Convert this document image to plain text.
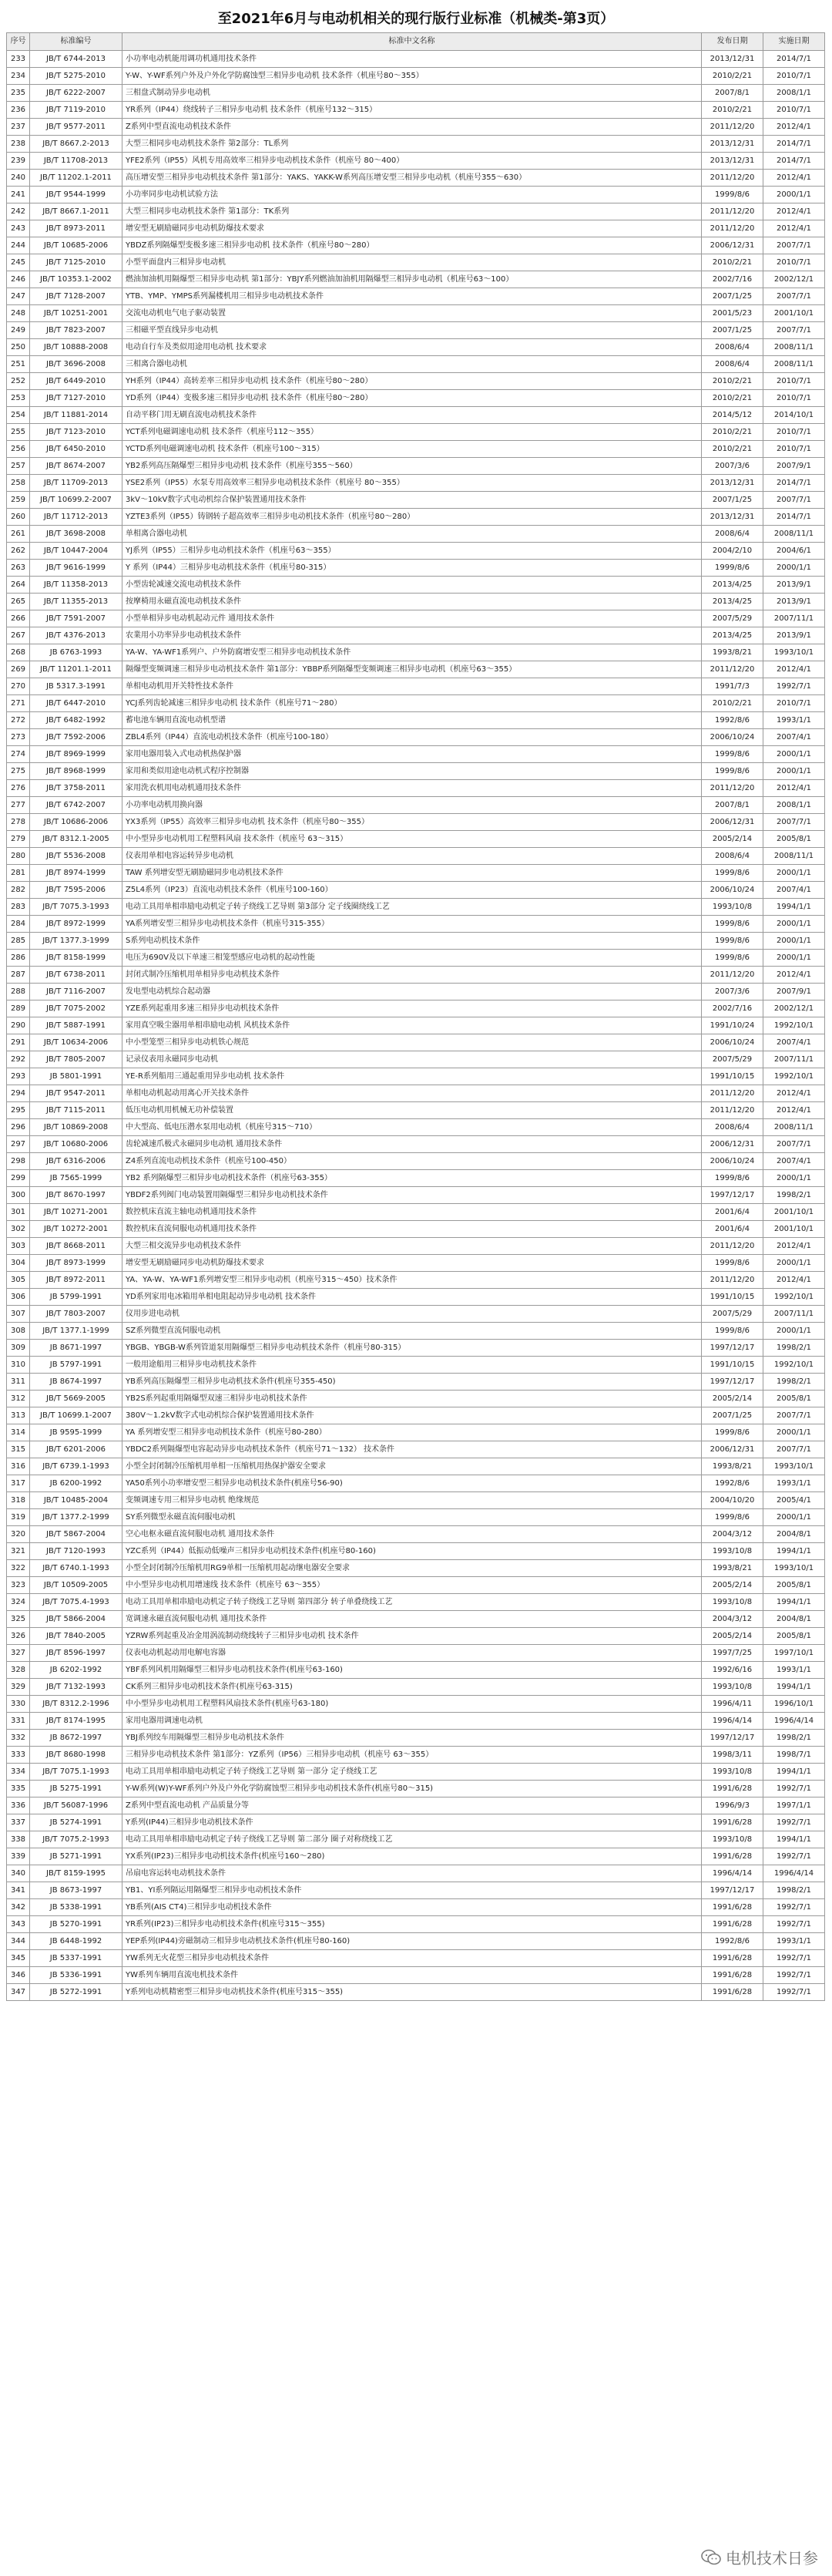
至2021年6月与电动机相关的现行版行业标准（机械类-第3页）
序号	标准编号	标准中文名称	发布日期	实施日期
233	JB/T 6744-2013	小功率电动机能用调功机通用技术条件	2013/12/31	2014/7/1
234	JB/T 5275-2010	Y-W、Y-WF系列户外及户外化学防腐蚀型三相异步电动机 技术条件（机座号80～355）	2010/2/21	2010/7/1
235	JB/T 6222-2007	三相盘式制动异步电动机	2007/8/1	2008/1/1
236	JB/T 7119-2010	YR系列（IP44）绕线转子三相异步电动机 技术条件（机座号132～315）	2010/2/21	2010/7/1
237	JB/T 9577-2011	Z系列中型直流电动机技术条件	2011/12/20	2012/4/1
238	JB/T 8667.2-2013	大型三相同步电动机技术条件 第2部分：TL系列	2013/12/31	2014/7/1
239	JB/T 11708-2013	YFE2系列（IP55）风机专用高效率三相异步电动机技术条件（机座号 80～400）	2013/12/31	2014/7/1
240	JB/T 11202.1-2011	高压增安型三相异步电动机技术条件 第1部分：YAKS、YAKK-W系列高压增安型三相异步电动机（机座号355～630）	2011/12/20	2012/4/1
241	JB/T 9544-1999	小功率同步电动机试验方法	1999/8/6	2000/1/1
242	JB/T 8667.1-2011	大型三相同步电动机技术条件 第1部分：TK系列	2011/12/20	2012/4/1
243	JB/T 8973-2011	增安型无刷励磁同步电动机防爆技术要求	2011/12/20	2012/4/1
244	JB/T 10685-2006	YBDZ系列隔爆型变极多速三相异步电动机 技术条件（机座号80～280）	2006/12/31	2007/7/1
245	JB/T 7125-2010	小型平面盘内三相异步电动机	2010/2/21	2010/7/1
246	JB/T 10353.1-2002	燃油加油机用隔爆型三相异步电动机 第1部分：YBJY系列燃油加油机用隔爆型三相异步电动机（机座号63～100）	2002/7/16	2002/12/1
247	JB/T 7128-2007	YTB、YMP、YMPS系列漏楼机用三相异步电动机技术条件	2007/1/25	2007/7/1
248	JB/T 10251-2001	交流电动机电气电子驱动装置	2001/5/23	2001/10/1
249	JB/T 7823-2007	三相磁平型直线异步电动机	2007/1/25	2007/7/1
250	JB/T 10888-2008	电动自行车及类似用途用电动机 技术要求	2008/6/4	2008/11/1
251	JB/T 3696-2008	三相离合器电动机	2008/6/4	2008/11/1
252	JB/T 6449-2010	YH系列（IP44）高转差率三相异步电动机 技术条件（机座号80～280）	2010/2/21	2010/7/1
253	JB/T 7127-2010	YD系列（IP44）变极多速三相异步电动机 技术条件（机座号80～280）	2010/2/21	2010/7/1
254	JB/T 11881-2014	自动平移门用无刷直流电动机技术条件	2014/5/12	2014/10/1
255	JB/T 7123-2010	YCT系列电磁调速电动机 技术条件（机座号112～355）	2010/2/21	2010/7/1
256	JB/T 6450-2010	YCTD系列电磁调速电动机 技术条件（机座号100～315）	2010/2/21	2010/7/1
257	JB/T 8674-2007	YB2系列高压隔爆型三相异步电动机 技术条件（机座号355～560）	2007/3/6	2007/9/1
258	JB/T 11709-2013	YSE2系列（IP55）水泵专用高效率三相异步电动机技术条件（机座号 80～355）	2013/12/31	2014/7/1
259	JB/T 10699.2-2007	3kV～10kV数字式电动机综合保护装置通用技术条件	2007/1/25	2007/7/1
260	JB/T 11712-2013	YZTE3系列（IP55）铸钢转子超高效率三相异步电动机技术条件（机座号80～280）	2013/12/31	2014/7/1
261	JB/T 3698-2008	单相离合器电动机	2008/6/4	2008/11/1
262	JB/T 10447-2004	YJ系列（IP55）三相异步电动机技术条件（机座号63～355）	2004/2/10	2004/6/1
263	JB/T 9616-1999	Y 系列（IP44）三相异步电动机技术条件（机座号80-315）	1999/8/6	2000/1/1
264	JB/T 11358-2013	小型齿轮减速交流电动机技术条件	2013/4/25	2013/9/1
265	JB/T 11355-2013	按摩椅用永磁直流电动机技术条件	2013/4/25	2013/9/1
266	JB/T 7591-2007	小型单相异步电动机起动元件 通用技术条件	2007/5/29	2007/11/1
267	JB/T 4376-2013	农業用小功率异步电动机技术条件	2013/4/25	2013/9/1
268	JB 6763-1993	YA-W、YA-WF1系列户、户外防腐增安型三相异步电动机技术条件	1993/8/21	1993/10/1
269	JB/T 11201.1-2011	隔爆型变频调速三相异步电动机技术条件 第1部分：YBBP系列隔爆型变频调速三相异步电动机（机座号63～355）	2011/12/20	2012/4/1
270	JB 5317.3-1991	单相电动机用开关特性技术条件	1991/7/3	1992/7/1
271	JB/T 6447-2010	YCJ系列齿轮减速三相异步电动机 技术条件（机座号71～280）	2010/2/21	2010/7/1
272	JB/T 6482-1992	蓄电池车辆用直流电动机型谱	1992/8/6	1993/1/1
273	JB/T 7592-2006	ZBL4系列（IP44）直流电动机技术条件（机座号100-180）	2006/10/24	2007/4/1
274	JB/T 8969-1999	家用电器用装入式电动机热保护器	1999/8/6	2000/1/1
275	JB/T 8968-1999	家用和类似用途电动机式程序控制器	1999/8/6	2000/1/1
276	JB/T 3758-2011	家用洗衣机用电动机通用技术条件	2011/12/20	2012/4/1
277	JB/T 6742-2007	小功率电动机用换向器	2007/8/1	2008/1/1
278	JB/T 10686-2006	YX3系列（IP55）高效率三相异步电动机 技术条件（机座号80～355）	2006/12/31	2007/7/1
279	JB/T 8312.1-2005	中小型异步电动机用工程塑料风扇 技术条件（机座号 63～315）	2005/2/14	2005/8/1
280	JB/T 5536-2008	仪表用单相电容运转异步电动机	2008/6/4	2008/11/1
281	JB/T 8974-1999	TAW 系列增安型无刷励磁同步电动机技术条件	1999/8/6	2000/1/1
282	JB/T 7595-2006	Z5L4系列（IP23）直流电动机技术条件（机座号100-160）	2006/10/24	2007/4/1
283	JB/T 7075.3-1993	电动工具用单相串励电动机定子转子绕线工艺导则 第3部分 定子线圈绕线工艺	1993/10/8	1994/1/1
284	JB/T 8972-1999	YA系列增安型三相异步电动机技术条件（机座号315-355）	1999/8/6	2000/1/1
285	JB/T 1377.3-1999	S系列电动机技术条件	1999/8/6	2000/1/1
286	JB/T 8158-1999	电压为690V及以下单速三相笼型感应电动机的起动性能	1999/8/6	2000/1/1
287	JB/T 6738-2011	封闭式制冷压缩机用单相异步电动机技术条件	2011/12/20	2012/4/1
288	JB/T 7116-2007	发电型电动机综合起动器	2007/3/6	2007/9/1
289	JB/T 7075-2002	YZE系列起重用多速三相异步电动机技术条件	2002/7/16	2002/12/1
290	JB/T 5887-1991	家用真空吸尘器用单相串励电动机 风机技术条件	1991/10/24	1992/10/1
291	JB/T 10634-2006	中小型笼型三相异步电动机铁心规范	2006/10/24	2007/4/1
292	JB/T 7805-2007	记录仪表用永磁同步电动机	2007/5/29	2007/11/1
293	JB 5801-1991	YE-R系列船用三通起重用异步电动机 技术条件	1991/10/15	1992/10/1
294	JB/T 9547-2011	单相电动机起动用离心开关技术条件	2011/12/20	2012/4/1
295	JB/T 7115-2011	低压电动机用机械无功补偿装置	2011/12/20	2012/4/1
296	JB/T 10869-2008	中大型高、低电压潜水泵用电动机（机座号315～710）	2008/6/4	2008/11/1
297	JB/T 10680-2006	齿轮减速爪极式永磁同步电动机 通用技术条件	2006/12/31	2007/7/1
298	JB/T 6316-2006	Z4系列直流电动机技术条件（机座号100-450）	2006/10/24	2007/4/1
299	JB 7565-1999	YB2 系列隔爆型三相异步电动机技术条件（机座号63-355）	1999/8/6	2000/1/1
300	JB/T 8670-1997	YBDF2系列阀门电动装置用隔爆型三相异步电动机技术条件	1997/12/17	1998/2/1
301	JB/T 10271-2001	数控机床直流主轴电动机通用技术条件	2001/6/4	2001/10/1
302	JB/T 10272-2001	数控机床直流伺服电动机通用技术条件	2001/6/4	2001/10/1
303	JB/T 8668-2011	大型三相交流异步电动机技术条件	2011/12/20	2012/4/1
304	JB/T 8973-1999	增安型无刷励磁同步电动机防爆技术要求	1999/8/6	2000/1/1
305	JB/T 8972-2011	YA、YA-W、YA-WF1系列增安型三相异步电动机（机座号315～450）技术条件	2011/12/20	2012/4/1
306	JB 5799-1991	YD系列家用电冰箱用单相电阻起动异步电动机 技术条件	1991/10/15	1992/10/1
307	JB/T 7803-2007	仪用步进电动机	2007/5/29	2007/11/1
308	JB/T 1377.1-1999	SZ系列微型直流伺服电动机	1999/8/6	2000/1/1
309	JB 8671-1997	YBGB、YBGB-W系列管道泵用隔爆型三相异步电动机技术条件（机座号80-315）	1997/12/17	1998/2/1
310	JB 5797-1991	一般用途船用三相异步电动机技术条件	1991/10/15	1992/10/1
311	JB 8674-1997	YB系列高压隔爆型三相异步电动机技术条件(机座号355-450)	1997/12/17	1998/2/1
312	JB/T 5669-2005	YB2S系列起重用隔爆型双速三相异步电动机技术条件	2005/2/14	2005/8/1
313	JB/T 10699.1-2007	380V～1.2kV数字式电动机综合保护装置通用技术条件	2007/1/25	2007/7/1
314	JB 9595-1999	YA 系列增安型三相异步电动机技术条件（机座号80-280）	1999/8/6	2000/1/1
315	JB/T 6201-2006	YBDC2系列隔爆型电容起动异步电动机技术条件（机座号71～132） 技术条件	2006/12/31	2007/7/1
316	JB/T 6739.1-1993	小型全封闭制冷压缩机用单相一压缩机用热保护器安全要求	1993/8/21	1993/10/1
317	JB 6200-1992	YA50系列小功率增安型三相异步电动机技术条件(机座号56-90)	1992/8/6	1993/1/1
318	JB/T 10485-2004	变频调速专用三相异步电动机 绝缘规范	2004/10/20	2005/4/1
319	JB/T 1377.2-1999	SY系列微型永磁直流伺服电动机	1999/8/6	2000/1/1
320	JB/T 5867-2004	空心电枢永磁直流伺服电动机 通用技术条件	2004/3/12	2004/8/1
321	JB/T 7120-1993	YZC系列（IP44）低振动低噪声三相异步电动机技术条件(机座号80-160)	1993/10/8	1994/1/1
322	JB/T 6740.1-1993	小型全封闭制冷压缩机用RG9单相一压缩机用起动继电器安全要求	1993/8/21	1993/10/1
323	JB/T 10509-2005	中小型异步电动机用增速线 技术条件（机座号 63～355）	2005/2/14	2005/8/1
324	JB/T 7075.4-1993	电动工具用单相串励电动机定子转子绕线工艺导则 第四部分 转子单叠绕线工艺	1993/10/8	1994/1/1
325	JB/T 5866-2004	宽调速永磁直流伺服电动机 通用技术条件	2004/3/12	2004/8/1
326	JB/T 7840-2005	YZRW系列起重及冶金用涡流制动绕线转子三相异步电动机 技术条件	2005/2/14	2005/8/1
327	JB/T 8596-1997	仪表电动机起动用电解电容器	1997/7/25	1997/10/1
328	JB 6202-1992	YBF系列风机用隔爆型三相异步电动机技术条件(机座号63-160)	1992/6/16	1993/1/1
329	JB/T 7132-1993	CK系列三相异步电动机技术条件(机座号63-315)	1993/10/8	1994/1/1
330	JB/T 8312.2-1996	中小型异步电动机用工程塑料风扇技术条件(机座号63-180)	1996/4/11	1996/10/1
331	JB/T 8174-1995	家用电器用调速电动机	1996/4/14	1996/4/14
332	JB 8672-1997	YBJ系列绞车用隔爆型三相异步电动机技术条件	1997/12/17	1998/2/1
333	JB/T 8680-1998	三相异步电动机技术条件 第1部分：YZ系列（IP56）三相异步电动机（机座号 63～355）	1998/3/11	1998/7/1
334	JB/T 7075.1-1993	电动工具用单相串励电动机定子转子绕线工艺导则 第一部分 定子绕线工艺	1993/10/8	1994/1/1
335	JB 5275-1991	Y-W系列(W)Y-WF系列户外及户外化学防腐蚀型三相异步电动机技术条件(机座号80～315)	1991/6/28	1992/7/1
336	JB/T 56087-1996	Z系列中型直流电动机 产品质量分等	1996/9/3	1997/1/1
337	JB 5274-1991	Y系列(IP44)三相异步电动机技术条件	1991/6/28	1992/7/1
338	JB/T 7075.2-1993	电动工具用单相串励电动机定子转子绕线工艺导则 第二部分 圈子对称绕线工艺	1993/10/8	1994/1/1
339	JB 5271-1991	YX系列(IP23)三相异步电动机技术条件(机座号160～280)	1991/6/28	1992/7/1
340	JB/T 8159-1995	吊扇电容运转电动机技术条件	1996/4/14	1996/4/14
341	JB 8673-1997	YB1、YI系列隔运用隔爆型三相异步电动机技术条件	1997/12/17	1998/2/1
342	JB 5338-1991	YB系列(AIS CT4)三相异步电动机技术条件	1991/6/28	1992/7/1
343	JB 5270-1991	YR系列(IP23)三相异步电动机技术条件(机座号315～355)	1991/6/28	1992/7/1
344	JB 6448-1992	YEP系列(IP44)旁磁制动三相异步电动机技术条件(机座号80-160)	1992/8/6	1993/1/1
345	JB 5337-1991	YW系列无火花型三相异步电动机技术条件	1991/6/28	1992/7/1
346	JB 5336-1991	YW系列车辆用直流电机技术条件	1991/6/28	1992/7/1
347	JB 5272-1991	Y系列电动机精密型三相异步电动机技术条件(机座号315～355)	1991/6/28	1992/7/1
电机技术日参
